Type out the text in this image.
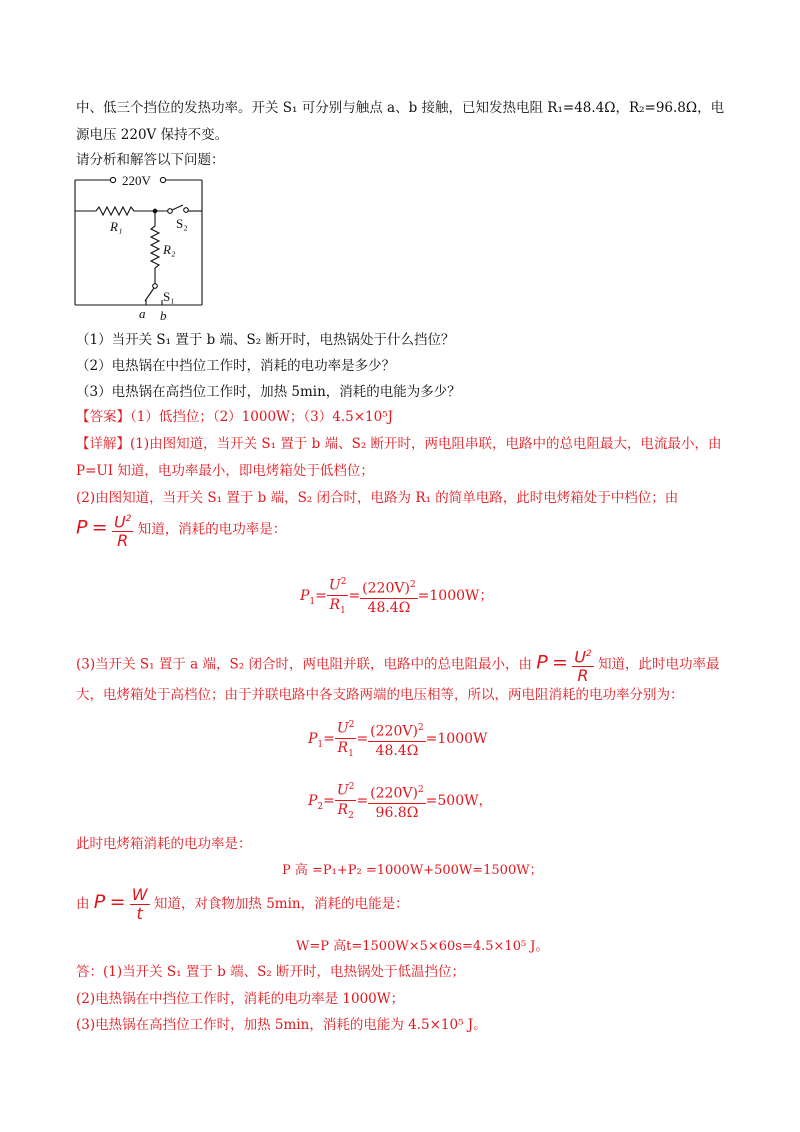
中、低三个挡位的发热功率。开关 S₁ 可分别与触点 a、b 接触，已知发热电阻 R₁=48.4Ω，R₂=96.8Ω，电
源电压 220V 保持不变。
请分析和解答以下问题：
220V
R₁
R₂
S₂
S₁
a b
（1）当开关 S₁ 置于 b 端、S₂ 断开时，电热锅处于什么挡位？
（2）电热锅在中挡位工作时，消耗的电功率是多少？
（3）电热锅在高挡位工作时，加热 5min，消耗的电能为多少？
【答案】（1）低挡位；（2）1000W；（3）4.5×10⁵J
【详解】(1)由图知道，当开关 S₁ 置于 b 端、S₂ 断开时，两电阻串联，电路中的总电阻最大，电流最小，由
P=UI 知道，电功率最小，即电烤箱处于低档位；
(2)由图知道，当开关 S₁ 置于 b 端，S₂ 闭合时，电路为 R₁ 的简单电路，此时电烤箱处于中档位；由
$P = \frac{U^2}{R}$ 知道，消耗的电功率是：
$P_1= \frac{U^2}{R_1} = \frac{(220V)^2}{48.4\Omega} =1000W$；
(3)当开关 S₁ 置于 a 端，S₂ 闭合时，两电阻并联，电路中的总电阻最小，由 $P = \frac{U^2}{R}$ 知道，此时电功率最
大，电烤箱处于高档位；由于并联电路中各支路两端的电压相等，所以，两电阻消耗的电功率分别为：
$P_1= \frac{U^2}{R_1} = \frac{(220V)^2}{48.4\Omega} =1000W$
$P_2= \frac{U^2}{R_2} = \frac{(220V)^2}{96.8\Omega} =500W$，
此时电烤箱消耗的电功率是：
P 高 =P₁+P₂ =1000W+500W=1500W；
由 $P = \frac{W}{t}$ 知道，对食物加热 5min，消耗的电能是：
W=P 高t=1500W×5×60s=4.5×10⁵ J。
答：(1)当开关 S₁ 置于 b 端、S₂ 断开时，电热锅处于低温挡位；
(2)电热锅在中挡位工作时，消耗的电功率是 1000W；
(3)电热锅在高挡位工作时，加热 5min，消耗的电能为 4.5×10⁵ J。
